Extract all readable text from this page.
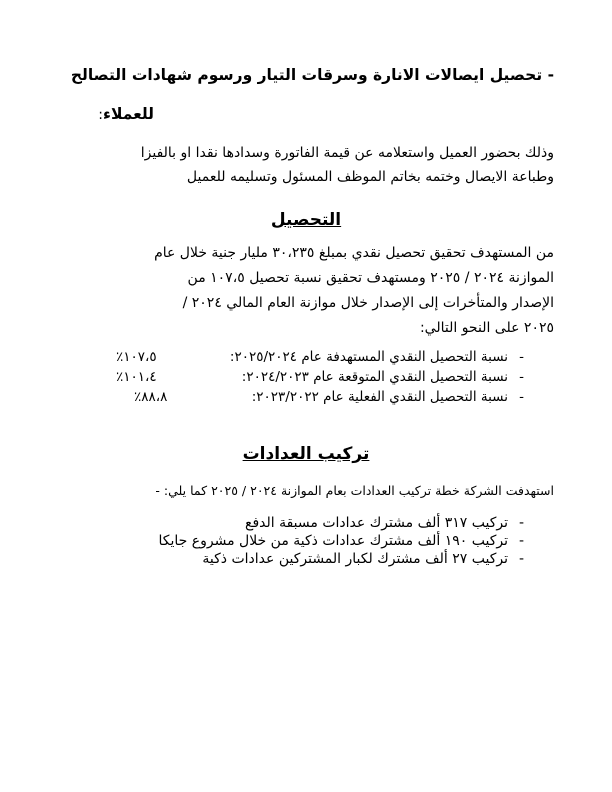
- تحصيل ايصالات الانارة وسرقات التيار ورسوم شهادات التصالح
للعملاء:
وذلك بحضور العميل واستعلامه عن قيمة الفاتورة وسدادها نقدا او بالفيزا
وطباعة الايصال وختمه بخاتم الموظف المسئول وتسليمه للعميل
التحصيل
من المستهدف تحقيق تحصيل نقدي بمبلغ ٣٠،٢٣٥ مليار جنية خلال عام
الموازنة ٢٠٢٤ / ٢٠٢٥ ومستهدف تحقيق نسبة تحصيل ١٠٧،٥ من
الإصدار والمتأخرات إلى الإصدار خلال موازنة العام المالي ٢٠٢٤ /
٢٠٢٥ على النحو التالي:
-نسبة التحصيل النقدي المستهدفة عام ٢٠٢٥/٢٠٢٤:
١٠٧،٥٪
-نسبة التحصيل النقدي المتوقعة عام ٢٠٢٤/٢٠٢٣:
١٠١،٤٪
-نسبة التحصيل النقدي الفعلية عام ٢٠٢٣/٢٠٢٢:
٨٨،٨٪
تركيب العدادات
استهدفت الشركة خطة تركيب العدادات بعام الموازنة ٢٠٢٤ / ٢٠٢٥ كما يلي: -
-تركيب ٣١٧ ألف مشترك عدادات مسبقة الدفع
-تركيب ١٩٠ ألف مشترك عدادات ذكية من خلال مشروع جايكا
-تركيب ٢٧ ألف مشترك لكبار المشتركين عدادات ذكية
